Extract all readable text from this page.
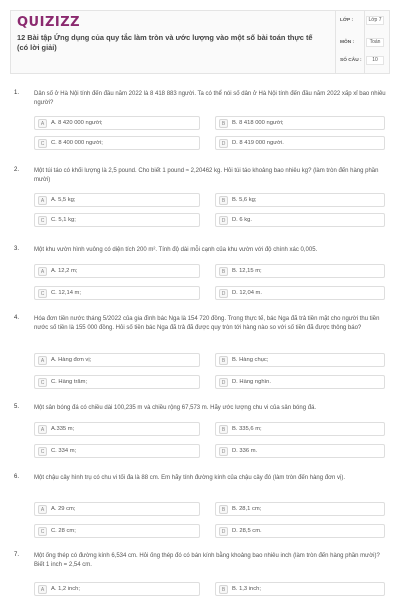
QUIZIZZ
12 Bài tập Ứng dụng của quy tắc làm tròn và ước lượng vào một số bài toán thực tế (có lời giải)
LỚP :	Lớp 7
MÔN :	Toán
SỐ CÂU :	10
1. Dân số ở Hà Nội tính đến đầu năm 2022 là 8 418 883 người. Ta có thể nói số dân ở Hà Nội tính đến đầu năm 2022 xấp xỉ bao nhiêu người?
A	A. 8 420 000 người;	B	B. 8 418 000 người;
C	C. 8 400 000 người;	D	D. 8 419 000 người.
2. Một túi táo có khối lượng là 2,5 pound. Cho biết 1 pound ≈ 2,20462 kg. Hỏi túi táo khoảng bao nhiêu kg? (làm tròn đến hàng phần mười)
A	A. 5,5 kg;	B	B. 5,6 kg;
C	C. 5,1 kg;	D	D. 6 kg.
3. Một khu vườn hình vuông có diện tích 200 m². Tính độ dài mỗi cạnh của khu vườn với độ chính xác 0,005.
A	A. 12,2 m;	B	B. 12,15 m;
C	C. 12,14 m;	D	D. 12,04 m.
4. Hóa đơn tiền nước tháng 5/2022 của gia đình bác Nga là 154 720 đồng. Trong thực tế, bác Nga đã trả tiền mặt cho người thu tiền nước số tiền là 155 000 đồng. Hỏi số tiền bác Nga đã trả đã được quy tròn tới hàng nào so với số tiền đã được thông báo?
A	A. Hàng đơn vị;	B	B. Hàng chục;
C	C. Hàng trăm;	D	D. Hàng nghìn.
5. Một sân bóng đá có chiều dài 100,235 m và chiều rộng 67,573 m. Hãy ước lượng chu vi của sân bóng đá.
A	A.335 m;	B	B. 335,6 m;
C	C. 334 m;	D	D. 336 m.
6. Một chậu cây hình trụ có chu vi tối đa là 88 cm. Em hãy tính đường kính của chậu cây đó (làm tròn đến hàng đơn vị).
A	A. 29 cm;	B	B. 28,1 cm;
C	C. 28 cm;	D	D. 28,5 cm.
7. Một ống thép có đường kính 6,534 cm. Hỏi ống thép đó có bán kính bằng khoảng bao nhiêu inch (làm tròn đến hàng phần mười)? Biết 1 inch = 2,54 cm.
A	A. 1,2 inch;	B	B. 1,3 inch;
